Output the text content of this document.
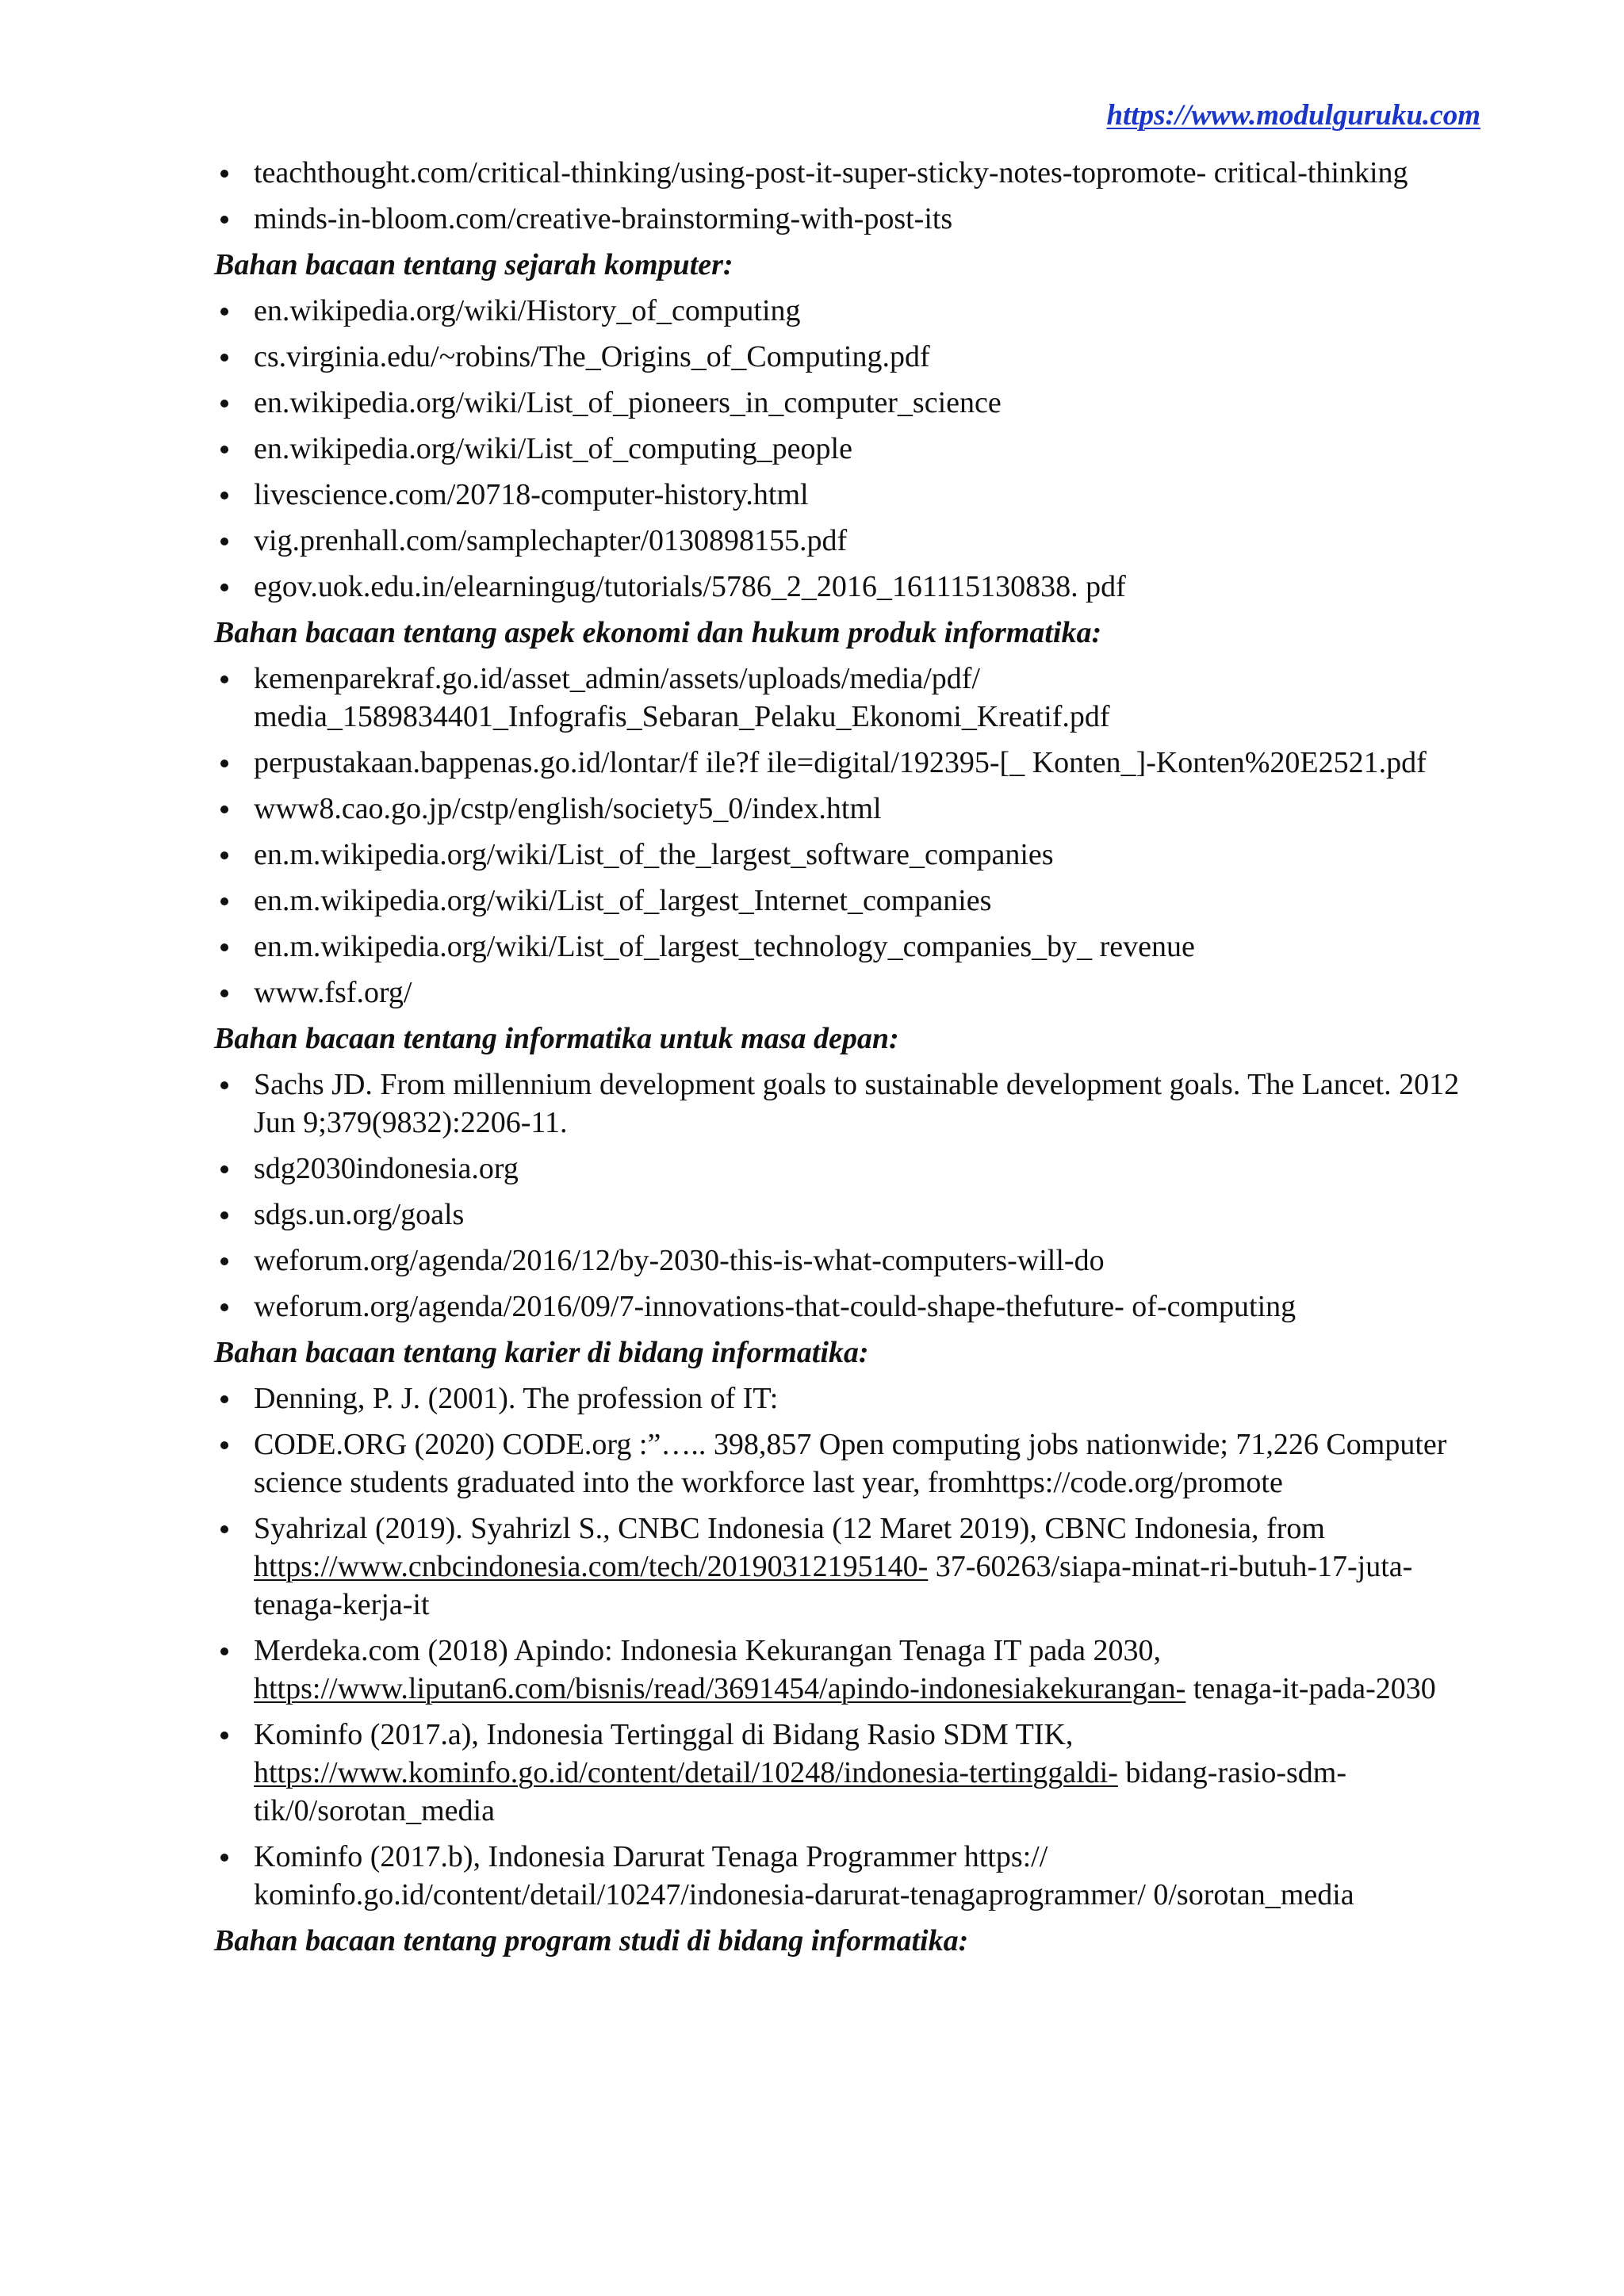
https://www.modulguruku.com
teachthought.com/critical-thinking/using-post-it-super-sticky-notes-topromote- critical-thinking
minds-in-bloom.com/creative-brainstorming-with-post-its
Bahan bacaan tentang sejarah komputer:
en.wikipedia.org/wiki/History_of_computing
cs.virginia.edu/~robins/The_Origins_of_Computing.pdf
en.wikipedia.org/wiki/List_of_pioneers_in_computer_science
en.wikipedia.org/wiki/List_of_computing_people
livescience.com/20718-computer-history.html
vig.prenhall.com/samplechapter/0130898155.pdf
egov.uok.edu.in/elearningug/tutorials/5786_2_2016_161115130838. pdf
Bahan bacaan tentang aspek ekonomi dan hukum produk informatika:
kemenparekraf.go.id/asset_admin/assets/uploads/media/pdf/ media_1589834401_Infografis_Sebaran_Pelaku_Ekonomi_Kreatif.pdf
perpustakaan.bappenas.go.id/lontar/f ile?f ile=digital/192395-[_ Konten_]-Konten%20E2521.pdf
www8.cao.go.jp/cstp/english/society5_0/index.html
en.m.wikipedia.org/wiki/List_of_the_largest_software_companies
en.m.wikipedia.org/wiki/List_of_largest_Internet_companies
en.m.wikipedia.org/wiki/List_of_largest_technology_companies_by_ revenue
www.fsf.org/
Bahan bacaan tentang informatika untuk masa depan:
Sachs JD. From millennium development goals to sustainable development goals. The Lancet. 2012 Jun 9;379(9832):2206-11.
sdg2030indonesia.org
sdgs.un.org/goals
weforum.org/agenda/2016/12/by-2030-this-is-what-computers-will-do
weforum.org/agenda/2016/09/7-innovations-that-could-shape-thefuture- of-computing
Bahan bacaan tentang karier di bidang informatika:
Denning, P. J. (2001). The profession of IT:
CODE.ORG (2020) CODE.org :”….. 398,857 Open computing jobs nationwide; 71,226 Computer science students graduated into the workforce last year, fromhttps://code.org/promote
Syahrizal (2019). Syahrizl S., CNBC Indonesia (12 Maret 2019), CBNC Indonesia, from https://www.cnbcindonesia.com/tech/20190312195140- 37-60263/siapa-minat-ri-butuh-17-juta-tenaga-kerja-it
Merdeka.com (2018) Apindo: Indonesia Kekurangan Tenaga IT pada 2030, https://www.liputan6.com/bisnis/read/3691454/apindo-indonesiakekurangan- tenaga-it-pada-2030
Kominfo (2017.a), Indonesia Tertinggal di Bidang Rasio SDM TIK, https://www.kominfo.go.id/content/detail/10248/indonesia-tertinggaldi- bidang-rasio-sdm-tik/0/sorotan_media
Kominfo (2017.b), Indonesia Darurat Tenaga Programmer https:// kominfo.go.id/content/detail/10247/indonesia-darurat-tenagaprogrammer/ 0/sorotan_media
Bahan bacaan tentang program studi di bidang informatika:
